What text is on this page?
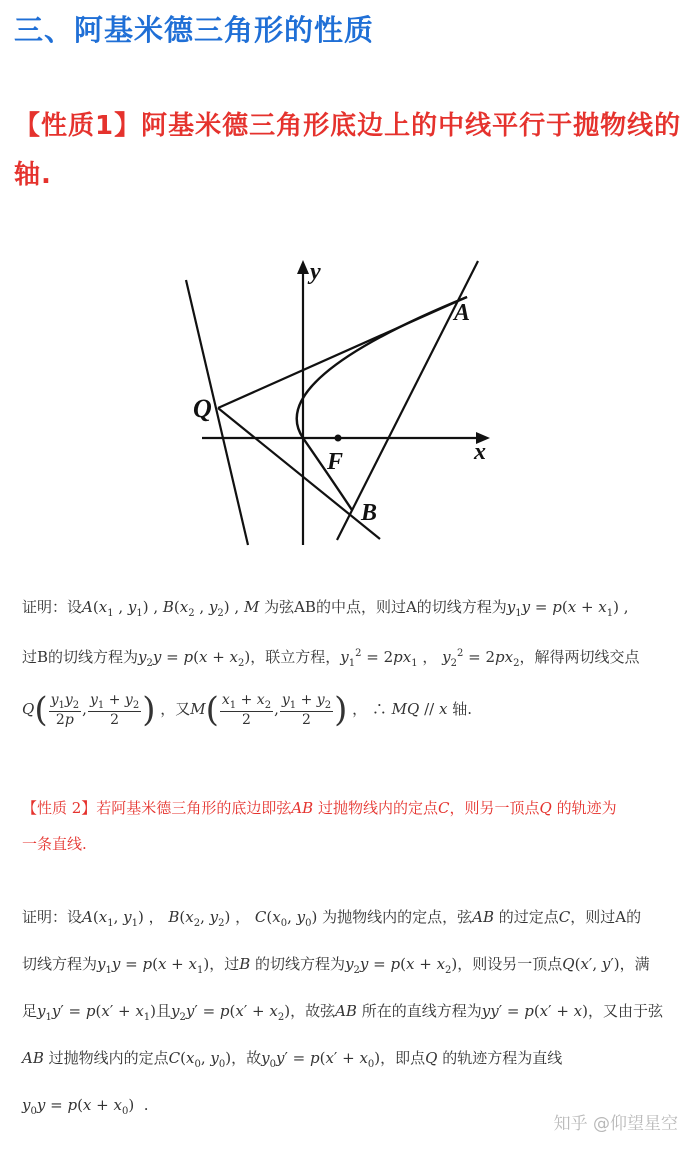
三、阿基米德三角形的性质

【性质1】阿基米德三角形底边上的中线平行于抛物线的轴.

y
x
Q
A
F
B
证明：设$A(x_1$ , $y_1$) , $B(x_2$ , $y_2$) , M 为弦AB的中点，则过A的切线方程为$y_1y = p(x + x_1)$ ,
过B的切线方程为$y_2y = p(x + x_2)$，联立方程，$y_1^2 = 2px_1$ ， $y_2^2 = 2px_2$，解得两切线交点
$Q( \frac{y_1y_2}{2p}$ , $\frac{y_1 + y_2}{2}$ ) ，又$M( \frac{x_1 + x_2}{2}$ , $\frac{y_1 + y_2}{2}$ ) ， ∴ MQ // x 轴.
【性质 2】若阿基米德三角形的底边即弦AB 过抛物线内的定点C，则另一顶点Q 的轨迹为
一条直线.
证明：设$A(x_1$, $y_1$) ， $B(x_2$, $y_2$) ， $C(x_0$, $y_0$) 为抛物线内的定点，弦AB 的过定点C，则过A的
切线方程为$y_1y = p(x + x_1)$，过B 的切线方程为$y_2y = p(x + x_2)$，则设另一顶点Q(x′, y′)，满
足$y_1y' = p(x' + x_1)$且$y_2y' = p(x' + x_2)$，故弦AB 所在的直线方程为yy′ = p(x′ + x)，又由于弦
AB 过抛物线内的定点$C(x_0$, $y_0$)，故$y_0y' = p(x' + x_0)$，即点Q 的轨迹方程为直线
$y_0y = p(x + x_0)$  .
知乎 @仰望星空
